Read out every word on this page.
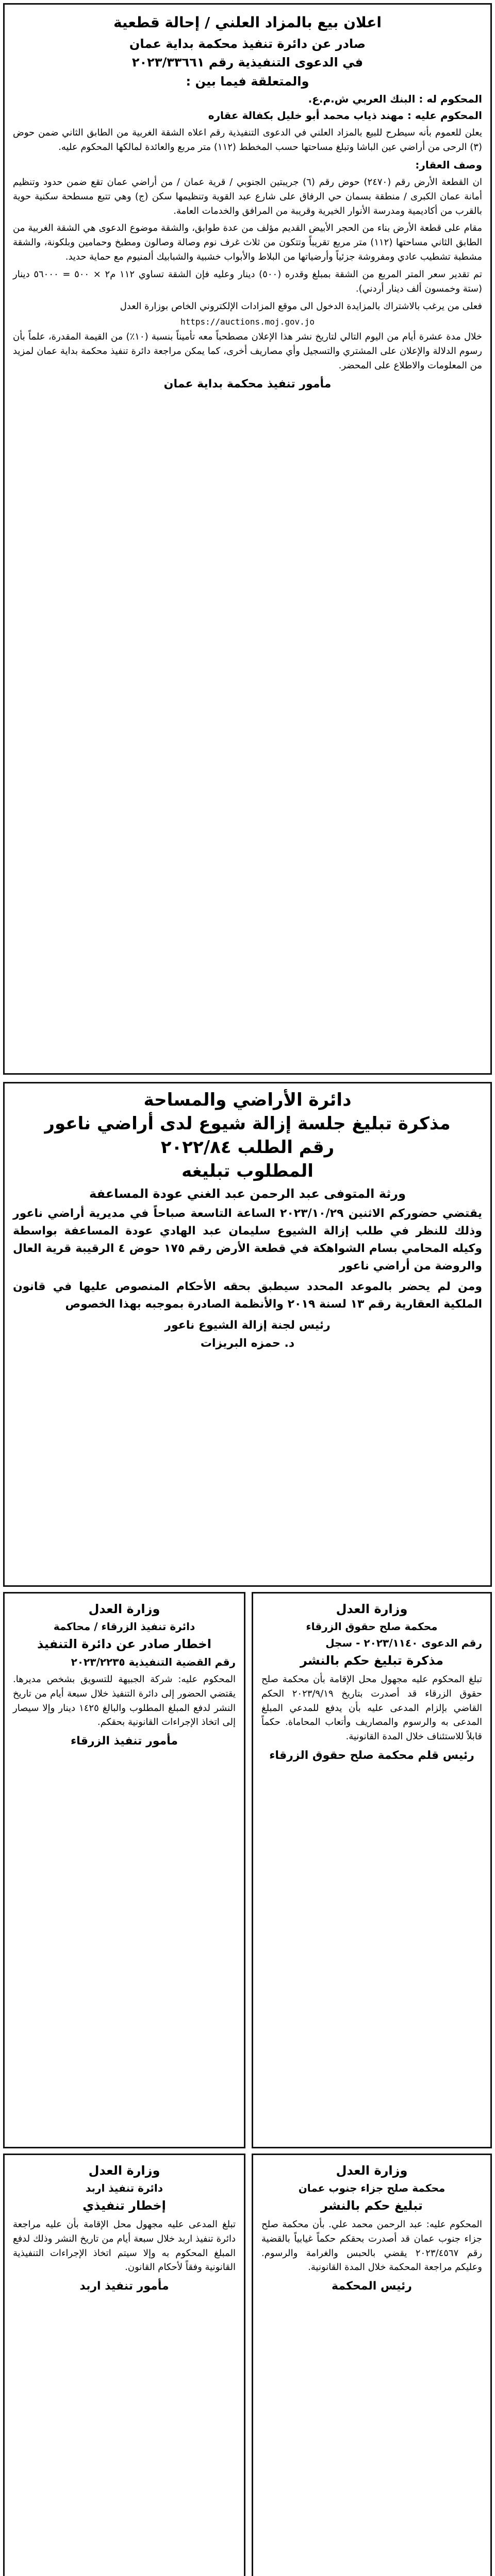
اعلان بيع بالمزاد العلني / إحالة قطعية
صادر عن دائرة تنفيذ محكمة بداية عمان
في الدعوى التنفيذية رقم ٢٠٢٣/٣٣٦٦١
والمتعلقة فيما بين :
المحكوم له : البنك العربي ش.م.ع.
المحكوم عليه : مهند ذياب محمد أبو خليل بكفالة عقاره
يعلن للعموم بأنه سيطرح للبيع بالمزاد العلني في الدعوى التنفيذية رقم اعلاه الشقة الغربية من الطابق الثاني ضمن حوض (٣) الرحى من أراضي عين الباشا وتبلغ مساحتها حسب المخطط (١١٢) متر مربع والعائدة لمالكها المحكوم عليه.
وصف العقار:
ان القطعة الأرض رقم (٢٤٧٠) حوض رقم (٦) جريبتين الجنوبي / قرية عمان / من أراضي عمان تقع ضمن حدود وتنظيم أمانة عمان الكبرى / منطقة بسمان حي الرفاق على شارع عبد القوية وتنظيمها سكن (ج) وهي تتبع مسطحة سكنية حوية بالقرب من أكاديمية ومدرسة الأنوار الخيرية وقريبة من المرافق والخدمات العامة.
مقام على قطعة الأرض بناء من الحجر الأبيض القديم مؤلف من عدة طوابق، والشقة موضوع الدعوى هي الشقة الغربية من الطابق الثاني مساحتها (١١٢) متر مربع تقريباً وتتكون من ثلاث غرف نوم وصالة وصالون ومطبخ وحمامين وبلكونة، والشقة مشطبة تشطيب عادي ومفروشة جزئياً وأرضياتها من البلاط والأبواب خشبية والشبابيك ألمنيوم مع حماية حديد.
تم تقدير سعر المتر المربع من الشقة بمبلغ وقدره (٥٠٠) دينار وعليه فإن الشقة تساوي ١١٢ م٢ × ٥٠٠ = ٥٦٠٠٠ دينار (ستة وخمسون ألف دينار أردني).
فعلى من يرغب بالاشتراك بالمزايدة الدخول الى موقع المزادات الإلكتروني الخاص بوزارة العدل
https://auctions.moj.gov.jo
خلال مدة عشرة أيام من اليوم التالي لتاريخ نشر هذا الإعلان مصطحباً معه تأميناً بنسبة (١٠٪) من القيمة المقدرة، علماً بأن رسوم الدلالة والإعلان على المشتري والتسجيل وأي مصاريف أخرى، كما يمكن مراجعة دائرة تنفيذ محكمة بداية عمان لمزيد من المعلومات والاطلاع على المحضر.
مأمور تنفيذ محكمة بداية عمان
دائرة الأراضي والمساحة
مذكرة تبليغ جلسة إزالة شيوع لدى أراضي ناعور
رقم الطلب ٢٠٢٢/٨٤
المطلوب تبليغه
ورثة المتوفى عبد الرحمن عبد الغني عودة المساعفة
يقتضي حضوركم الاثنين ٢٠٢٣/١٠/٢٩ الساعة التاسعة صباحاً في مديرية أراضي ناعور وذلك للنظر في طلب إزالة الشيوع سليمان عبد الهادي عودة المساعفة بواسطة وكيله المحامي بسام الشواهكة في قطعة الأرض رقم ١٧٥ حوض ٤ الرقيبة قرية العال والروضة من أراضي ناعور
ومن لم يحضر بالموعد المحدد سيطبق بحقه الأحكام المنصوص عليها في قانون الملكية العقارية رقم ١٣ لسنة ٢٠١٩ والأنظمة الصادرة بموجبه بهذا الخصوص
رئيس لجنة إزالة الشيوع ناعور
د. حمزه البريزات
وزارة العدل
محكمة صلح حقوق الزرقاء
رقم الدعوى ٢٠٢٣/١١٤٠ - سجل
مذكرة تبليغ حكم بالنشر
تبلغ المحكوم عليه مجهول محل الإقامة بأن محكمة صلح حقوق الزرقاء قد أصدرت بتاريخ ٢٠٢٣/٩/١٩ الحكم القاضي بإلزام المدعى عليه بأن يدفع للمدعي المبلغ المدعى به والرسوم والمصاريف وأتعاب المحاماة. حكماً قابلاً للاستئناف خلال المدة القانونية.
رئيس قلم محكمة صلح حقوق الزرقاء
وزارة العدل
دائرة تنفيذ الزرقاء / محاكمة
اخطار صادر عن دائرة التنفيذ
رقم القضية التنفيذية ٢٠٢٣/٢٢٣٥
المحكوم عليه: شركة الجبيهة للتسويق بشخص مديرها. يقتضي الحضور إلى دائرة التنفيذ خلال سبعة أيام من تاريخ النشر لدفع المبلغ المطلوب والبالغ ١٤٢٥ دينار وإلا سيصار إلى اتخاذ الإجراءات القانونية بحقكم.
مأمور تنفيذ الزرقاء
وزارة العدل
محكمة صلح جزاء جنوب عمان
تبليغ حكم بالنشر
المحكوم عليه: عبد الرحمن محمد علي. بأن محكمة صلح جزاء جنوب عمان قد أصدرت بحقكم حكماً غيابياً بالقضية رقم ٢٠٢٣/٤٥٦٧ يقضي بالحبس والغرامة والرسوم. وعليكم مراجعة المحكمة خلال المدة القانونية.
رئيس المحكمة
وزارة العدل
دائرة تنفيذ اربد
إخطار تنفيذي
تبلغ المدعى عليه مجهول محل الإقامة بأن عليه مراجعة دائرة تنفيذ اربد خلال سبعة أيام من تاريخ النشر وذلك لدفع المبلغ المحكوم به وإلا سيتم اتخاذ الإجراءات التنفيذية القانونية وفقاً لأحكام القانون.
مأمور تنفيذ اربد
